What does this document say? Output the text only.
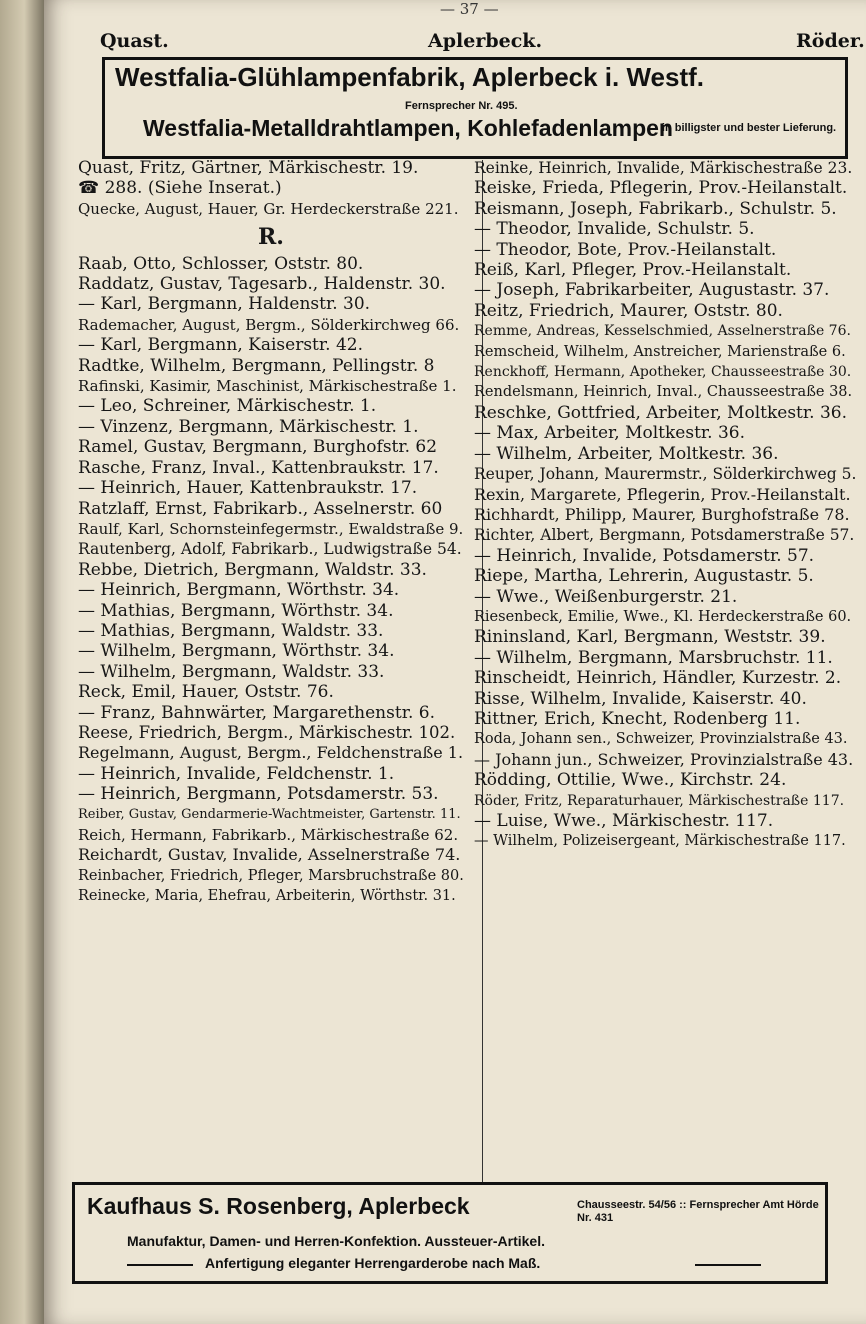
— 37 —
Quast.	Aplerbeck.	Röder.
Westfalia-Glühlampenfabrik, Aplerbeck i. Westf.
Fernsprecher Nr. 495.
Westfalia-Metalldrahtlampen, Kohlefadenlampen
in billigster und bester Lieferung.
Quast, Fritz, Gärtner, Märkischestr. 19.
☎ 288. (Siehe Inserat.)
Quecke, August, Hauer, Gr. Herdeckerstraße 221.
R.
Raab, Otto, Schlosser, Oststr. 80.
Raddatz, Gustav, Tagesarb., Haldenstr. 30.
— Karl, Bergmann, Haldenstr. 30.
Rademacher, August, Bergm., Sölderkirchweg 66.
— Karl, Bergmann, Kaiserstr. 42.
Radtke, Wilhelm, Bergmann, Pellingstr. 8
Rafinski, Kasimir, Maschinist, Märkischestraße 1.
— Leo, Schreiner, Märkischestr. 1.
— Vinzenz, Bergmann, Märkischestr. 1.
Ramel, Gustav, Bergmann, Burghofstr. 62
Rasche, Franz, Inval., Kattenbraukstr. 17.
— Heinrich, Hauer, Kattenbraukstr. 17.
Ratzlaff, Ernst, Fabrikarb., Asselnerstr. 60
Raulf, Karl, Schornsteinfegermstr., Ewaldstraße 9.
Rautenberg, Adolf, Fabrikarb., Ludwigstraße 54.
Rebbe, Dietrich, Bergmann, Waldstr. 33.
— Heinrich, Bergmann, Wörthstr. 34.
— Mathias, Bergmann, Wörthstr. 34.
— Mathias, Bergmann, Waldstr. 33.
— Wilhelm, Bergmann, Wörthstr. 34.
— Wilhelm, Bergmann, Waldstr. 33.
Reck, Emil, Hauer, Oststr. 76.
— Franz, Bahnwärter, Margarethenstr. 6.
Reese, Friedrich, Bergm., Märkischestr. 102.
Regelmann, August, Bergm., Feldchenstraße 1.
— Heinrich, Invalide, Feldchenstr. 1.
— Heinrich, Bergmann, Potsdamerstr. 53.
Reiber, Gustav, Gendarmerie-Wachtmeister, Gartenstr. 11.
Reich, Hermann, Fabrikarb., Märkischestraße 62.
Reichardt, Gustav, Invalide, Asselnerstraße 74.
Reinbacher, Friedrich, Pfleger, Marsbruchstraße 80.
Reinecke, Maria, Ehefrau, Arbeiterin, Wörthstr. 31.
Reinke, Heinrich, Invalide, Märkischestraße 23.
Reiske, Frieda, Pflegerin, Prov.-Heilanstalt.
Reismann, Joseph, Fabrikarb., Schulstr. 5.
— Theodor, Invalide, Schulstr. 5.
— Theodor, Bote, Prov.-Heilanstalt.
Reiß, Karl, Pfleger, Prov.-Heilanstalt.
— Joseph, Fabrikarbeiter, Augustastr. 37.
Reitz, Friedrich, Maurer, Oststr. 80.
Remme, Andreas, Kesselschmied, Asselnerstraße 76.
Remscheid, Wilhelm, Anstreicher, Marienstraße 6.
Renckhoff, Hermann, Apotheker, Chausseestraße 30.
Rendelsmann, Heinrich, Inval., Chausseestraße 38.
Reschke, Gottfried, Arbeiter, Moltkestr. 36.
— Max, Arbeiter, Moltkestr. 36.
— Wilhelm, Arbeiter, Moltkestr. 36.
Reuper, Johann, Maurermstr., Sölderkirchweg 5.
Rexin, Margarete, Pflegerin, Prov.-Heilanstalt.
Richhardt, Philipp, Maurer, Burghofstraße 78.
Richter, Albert, Bergmann, Potsdamerstraße 57.
— Heinrich, Invalide, Potsdamerstr. 57.
Riepe, Martha, Lehrerin, Augustastr. 5.
— Wwe., Weißenburgerstr. 21.
Riesenbeck, Emilie, Wwe., Kl. Herdeckerstraße 60.
Rininsland, Karl, Bergmann, Weststr. 39.
— Wilhelm, Bergmann, Marsbruchstr. 11.
Rinscheidt, Heinrich, Händler, Kurzestr. 2.
Risse, Wilhelm, Invalide, Kaiserstr. 40.
Rittner, Erich, Knecht, Rodenberg 11.
Roda, Johann sen., Schweizer, Provinzialstraße 43.
— Johann jun., Schweizer, Provinzialstraße 43.
Rödding, Ottilie, Wwe., Kirchstr. 24.
Röder, Fritz, Reparaturhauer, Märkischestraße 117.
— Luise, Wwe., Märkischestr. 117.
— Wilhelm, Polizeisergeant, Märkischestraße 117.
Kaufhaus S. Rosenberg, Aplerbeck	Chausseestr. 54/56 :: Fernsprecher Amt Hörde Nr. 431
Manufaktur, Damen- und Herren-Konfektion. Aussteuer-Artikel.
Anfertigung eleganter Herrengarderobe nach Maß.
